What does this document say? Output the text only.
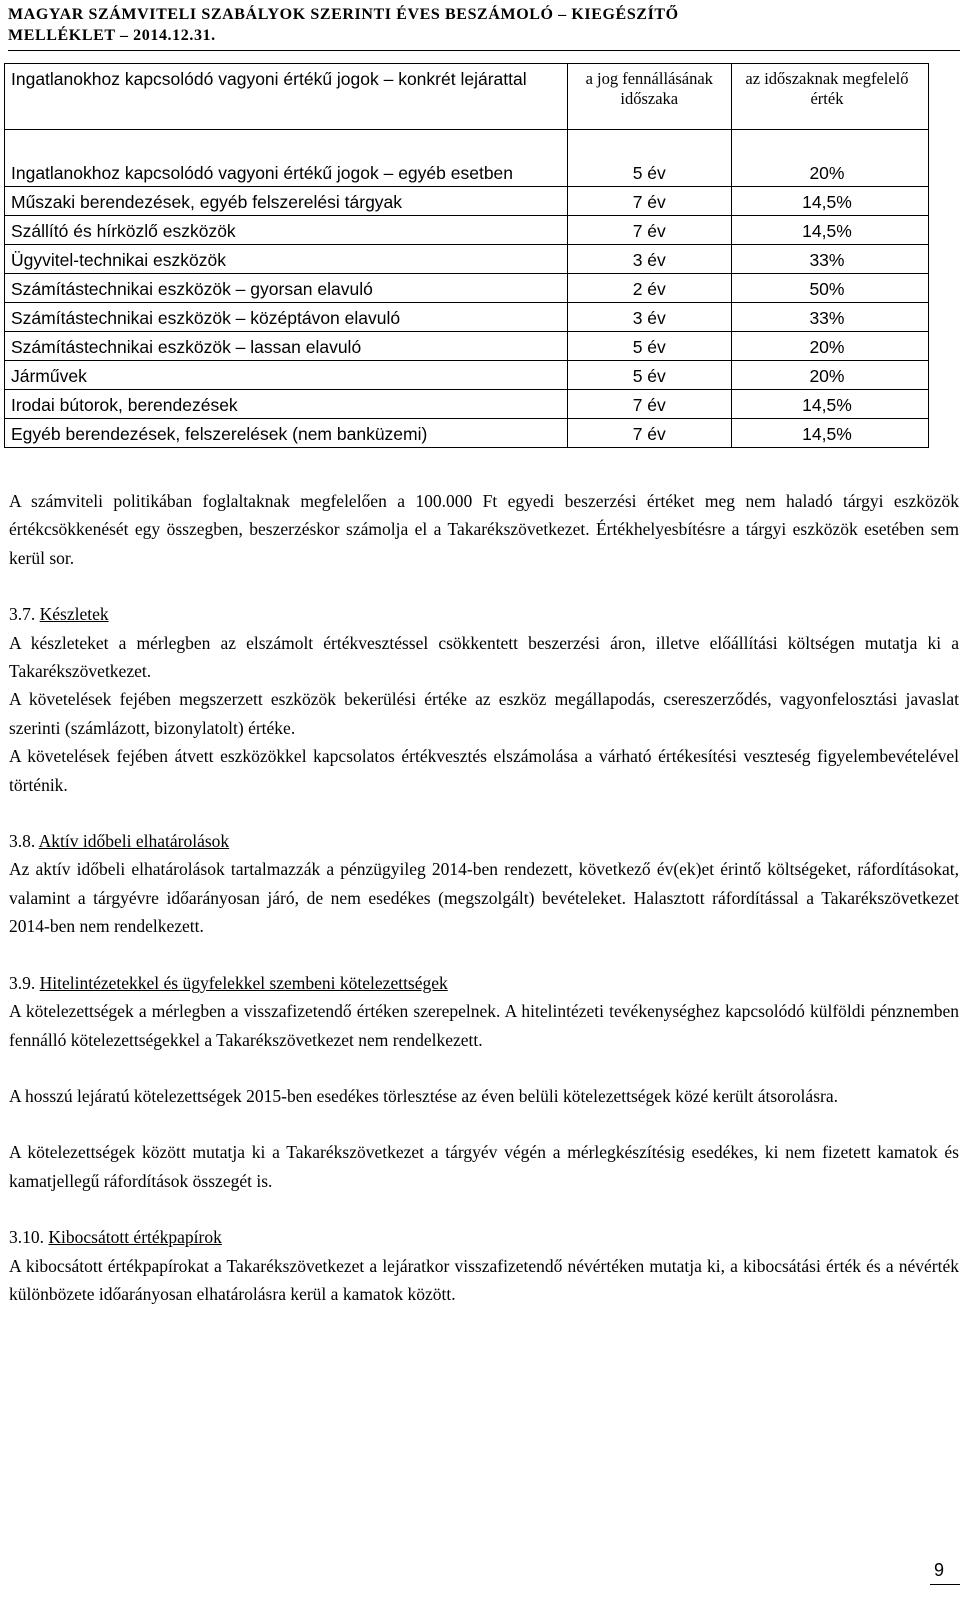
MAGYAR SZÁMVITELI SZABÁLYOK SZERINTI ÉVES BESZÁMOLÓ – KIEGÉSZÍTŐ
MELLÉKLET – 2014.12.31.
Ingatlanokhoz kapcsolódó vagyoni értékű jogok – konkrét lejárattal	a jog fennállásának időszaka	az időszaknak megfelelő érték
Ingatlanokhoz kapcsolódó vagyoni értékű jogok – egyéb esetben	5 év	20%
Műszaki berendezések, egyéb felszerelési tárgyak	7 év	14,5%
Szállító és hírközlő eszközök	7 év	14,5%
Ügyvitel-technikai eszközök	3 év	33%
Számítástechnikai eszközök – gyorsan elavuló	2 év	50%
Számítástechnikai eszközök – középtávon elavuló	3 év	33%
Számítástechnikai eszközök – lassan elavuló	5 év	20%
Járművek	5 év	20%
Irodai bútorok, berendezések	7 év	14,5%
Egyéb berendezések, felszerelések (nem banküzemi)	7 év	14,5%

A számviteli politikában foglaltaknak megfelelően a 100.000 Ft egyedi beszerzési értéket meg nem haladó tárgyi eszközök értékcsökkenését egy összegben, beszerzéskor számolja el a Takarékszövetkezet. Értékhelyesbítésre a tárgyi eszközök esetében sem kerül sor.

3.7. Készletek

A készleteket a mérlegben az elszámolt értékvesztéssel csökkentett beszerzési áron, illetve előállítási költségen mutatja ki a Takarékszövetkezet.

A követelések fejében megszerzett eszközök bekerülési értéke az eszköz megállapodás, csereszerződés, vagyonfelosztási javaslat szerinti (számlázott, bizonylatolt) értéke.

A követelések fejében átvett eszközökkel kapcsolatos értékvesztés elszámolása a várható értékesítési veszteség figyelembevételével történik.

3.8. Aktív időbeli elhatárolások

Az aktív időbeli elhatárolások tartalmazzák a pénzügyileg 2014-ben rendezett, következő év(ek)et érintő költségeket, ráfordításokat, valamint a tárgyévre időarányosan járó, de nem esedékes (megszolgált) bevételeket. Halasztott ráfordítással a Takarékszövetkezet 2014-ben nem rendelkezett.

3.9. Hitelintézetekkel és ügyfelekkel szembeni kötelezettségek

A kötelezettségek a mérlegben a visszafizetendő értéken szerepelnek. A hitelintézeti tevékenységhez kapcsolódó külföldi pénznemben fennálló kötelezettségekkel a Takarékszövetkezet nem rendelkezett.

A hosszú lejáratú kötelezettségek 2015-ben esedékes törlesztése az éven belüli kötelezettségek közé került átsorolásra.

A kötelezettségek között mutatja ki a Takarékszövetkezet a tárgyév végén a mérlegkészítésig esedékes, ki nem fizetett kamatok és kamatjellegű ráfordítások összegét is.

3.10. Kibocsátott értékpapírok

A kibocsátott értékpapírokat a Takarékszövetkezet a lejáratkor visszafizetendő névértéken mutatja ki, a kibocsátási érték és a névérték különbözete időarányosan elhatárolásra kerül a kamatok között.

9
